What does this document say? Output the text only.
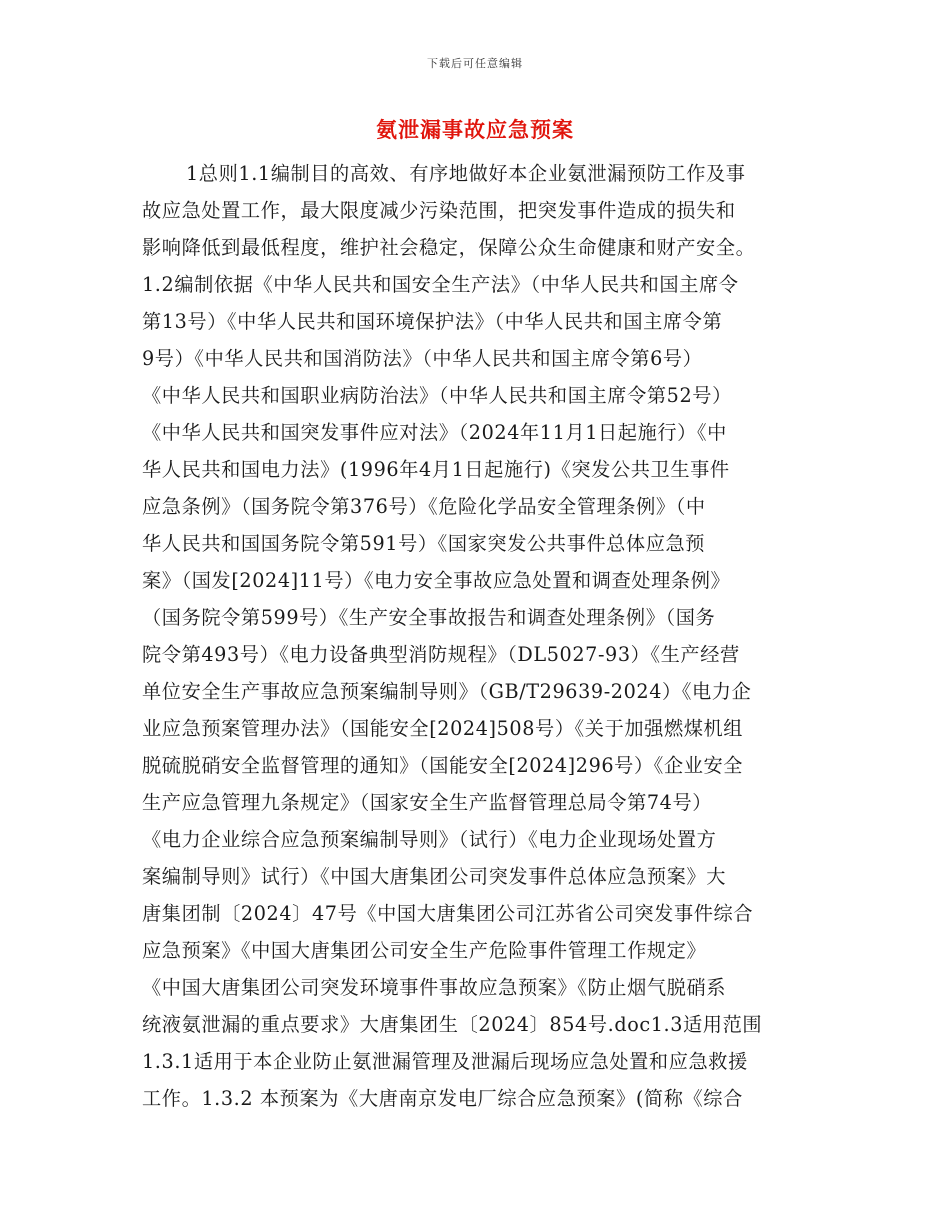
下载后可任意编辑
氨泄漏事故应急预案
1总则1.1编制目的高效、有序地做好本企业氨泄漏预防工作及事
故应急处置工作，最大限度减少污染范围，把突发事件造成的损失和
影响降低到最低程度，维护社会稳定，保障公众生命健康和财产安全。
1.2编制依据《中华人民共和国安全生产法》（中华人民共和国主席令
第13号）《中华人民共和国环境保护法》（中华人民共和国主席令第
9号）《中华人民共和国消防法》（中华人民共和国主席令第6号）
《中华人民共和国职业病防治法》（中华人民共和国主席令第52号）
《中华人民共和国突发事件应对法》（2024年11月1日起施行）《中
华人民共和国电力法》(1996年4月1日起施行)《突发公共卫生事件
应急条例》（国务院令第376号）《危险化学品安全管理条例》（中
华人民共和国国务院令第591号）《国家突发公共事件总体应急预
案》（国发[2024]11号）《电力安全事故应急处置和调查处理条例》
（国务院令第599号）《生产安全事故报告和调查处理条例》（国务
院令第493号）《电力设备典型消防规程》（DL5027-93）《生产经营
单位安全生产事故应急预案编制导则》（GB/T29639-2024）《电力企
业应急预案管理办法》（国能安全[2024]508号）《关于加强燃煤机组
脱硫脱硝安全监督管理的通知》（国能安全[2024]296号）《企业安全
生产应急管理九条规定》（国家安全生产监督管理总局令第74号）
《电力企业综合应急预案编制导则》（试行）《电力企业现场处置方
案编制导则》试行）《中国大唐集团公司突发事件总体应急预案》大
唐集团制〔2024〕47号《中国大唐集团公司江苏省公司突发事件综合
应急预案》《中国大唐集团公司安全生产危险事件管理工作规定》
《中国大唐集团公司突发环境事件事故应急预案》《防止烟气脱硝系
统液氨泄漏的重点要求》大唐集团生〔2024〕854号.doc1.3适用范围
1.3.1适用于本企业防止氨泄漏管理及泄漏后现场应急处置和应急救援
工作。1.3.2 本预案为《大唐南京发电厂综合应急预案》(简称《综合
